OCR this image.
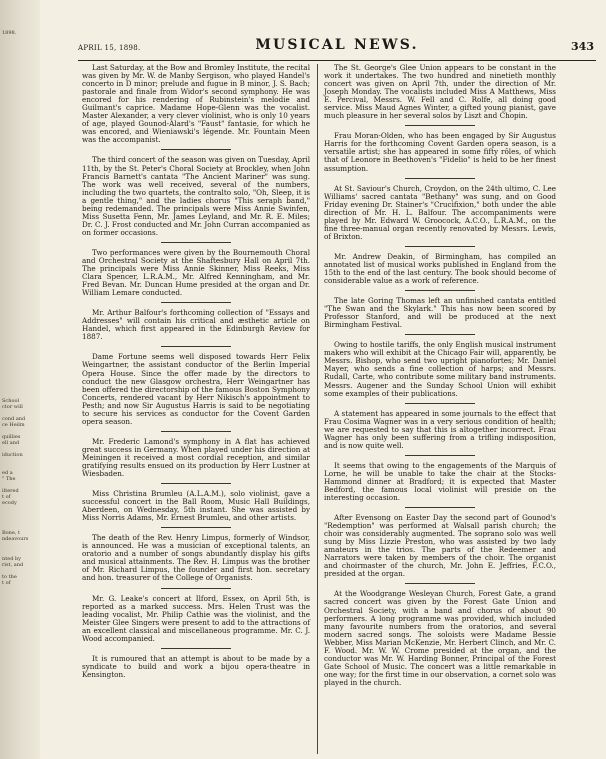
1898.
School
ctor will
cond and
ce Heilm
quillies
ell and
iduction
ed a
" The
iltered
t of
ecody
Bone, t
ndeavours
nted by
rist, and
to the
t of
APRIL 15, 1898.	MUSICAL NEWS.	343

Last Saturday, at the Bow and Bromley Institute, the recital was given by Mr. W. de Manby Sergison, who played Handel's concerto in D minor; prelude and fugue in B minor, J. S. Bach; pastorale and finale from Widor's second symphony. He was encored for his rendering of Rubinstein's melodie and Guilmant's caprice. Madame Hope-Glenn was the vocalist. Master Alexander, a very clever violinist, who is only 10 years of age, played Gounod-Alard's "Faust" fantasie, for which he was encored, and Wieniawski's légende. Mr. Fountain Meen was the accompanist.

The third concert of the season was given on Tuesday, April 11th, by the St. Peter's Choral Society at Brockley, when John Francis Barnett's cantata "The Ancient Mariner" was sung. The work was well received, several of the numbers, including the two quartets, the contralto solo, "Oh, Sleep, it is a gentle thing," and the ladies chorus "This seraph band," being redemanded. The principals were Miss Annie Swinfen, Miss Susetta Fenn, Mr. James Leyland, and Mr. R. E. Miles; Dr. C. J. Frost conducted and Mr. John Curran accompanied as on former occasions.

Two performances were given by the Bournemouth Choral and Orchestral Society at the Shaftesbury Hall on April 7th. The principals were Miss Annie Skinner, Miss Reeks, Miss Clara Spencer, L.R.A.M., Mr. Alfred Kenningham, and Mr. Fred Bevan. Mr. Duncan Hume presided at the organ and Dr. William Lemare conducted.

Mr. Arthur Balfour's forthcoming collection of "Essays and Addresses" will contain his critical and æsthetic article on Handel, which first appeared in the Edinburgh Review for 1887.

Dame Fortune seems well disposed towards Herr Felix Weingartner, the assistant conductor of the Berlin Imperial Opera House. Since the offer made by the directors to conduct the new Glasgow orchestra, Herr Weingartner has been offered the directorship of the famous Boston Symphony Concerts, rendered vacant by Herr Nikisch's appointment to Pesth; and now Sir Augustus Harris is said to be negotiating to secure his services as conductor for the Covent Garden opera season.

Mr. Frederic Lamond's symphony in A flat has achieved great success in Germany. When played under his direction at Meiningen it received a most cordial reception, and similar gratifying results ensued on its production by Herr Lustner at Wiesbaden.

Miss Christina Brumleu (A.L.A.M.), solo violinist, gave a successful concert in the Ball Room, Music Hall Buildings, Aberdeen, on Wednesday, 5th instant. She was assisted by Miss Norris Adams, Mr. Ernest Brumleu, and other artists.

The death of the Rev. Henry Limpus, formerly of Windsor, is announced. He was a musician of exceptional talents, an oratorio and a number of songs abundantly display his gifts and musical attainments. The Rev. H. Limpus was the brother of Mr. Richard Limpus, the founder and first hon. secretary and hon. treasurer of the College of Organists.

Mr. G. Leake's concert at Ilford, Essex, on April 5th, is reported as a marked success. Mrs. Helen Trust was the leading vocalist, Mr. Philip Cathie was the violinist, and the Meister Glee Singers were present to add to the attractions of an excellent classical and miscellaneous programme. Mr. C. J. Wood accompanied.

It is rumoured that an attempt is about to be made by a syndicate to build and work a bijou opera-theatre in Kensington.

The St. George's Glee Union appears to be constant in the work it undertakes. The two hundred and ninetieth monthly concert was given on April 7th, under the direction of Mr. Joseph Monday. The vocalists included Miss A Matthews, Miss E. Percival, Messrs. W. Fell and C. Rolfe, all doing good service. Miss Maud Agnes Winter, a gifted young pianist, gave much pleasure in her several solos by Liszt and Chopin.

Frau Moran-Olden, who has been engaged by Sir Augustus Harris for the forthcoming Covent Garden opera season, is a versatile artist; she has appeared in some fifty rôles, of which that of Leonore in Beethoven's "Fidelio" is held to be her finest assumption.

At St. Saviour's Church, Croydon, on the 24th ultimo, C. Lee Williams' sacred cantata "Bethany" was sung, and on Good Friday evening Dr. Stainer's "Crucifixion," both under the able direction of Mr. H. L. Balfour. The accompaniments were played by Mr. Edward W. Groocock, A.C.O., L.R.A.M., on the fine three-manual organ recently renovated by Messrs. Lewis, of Brixton.

Mr. Andrew Deakin, of Birmingham, has compiled an annotated list of musical works published in England from the 15th to the end of the last century. The book should become of considerable value as a work of reference.

The late Goring Thomas left an unfinished cantata entitled "The Swan and the Skylark." This has now been scored by Professor Stanford, and will be produced at the next Birmingham Festival.

Owing to hostile tariffs, the only English musical instrument makers who will exhibit at the Chicago Fair will, apparently, be Messrs. Bishop, who send two upright pianofortes; Mr. Daniel Mayer, who sends a fine collection of harps; and Messrs. Rudall, Carte, who contribute some military band instruments. Messrs. Augener and the Sunday School Union will exhibit some examples of their publications.

A statement has appeared in some journals to the effect that Frau Cosima Wagner was in a very serious condition of health; we are requested to say that this is altogether incorrect. Frau Wagner has only been suffering from a trifling indisposition, and is now quite well.

It seems that owing to the engagements of the Marquis of Lorne, he will be unable to take the chair at the Stocks-Hammond dinner at Bradford; it is expected that Master Bedford, the famous local violinist will preside on the interesting occasion.

After Evensong on Easter Day the second part of Gounod's "Redemption" was performed at Walsall parish church; the choir was considerably augmented. The soprano solo was well sung by Miss Lizzie Preston, who was assisted by two lady amateurs in the trios. The parts of the Redeemer and Narrators were taken by members of the choir. The organist and choirmaster of the church, Mr. John E. Jeffries, F.C.O., presided at the organ.

At the Woodgrange Wesleyan Church, Forest Gate, a grand sacred concert was given by the Forest Gate Union and Orchestral Society, with a band and chorus of about 90 performers. A long programme was provided, which included many favourite numbers from the oratorios, and several modern sacred songs. The soloists were Madame Bessie Webber, Miss Marian McKenzie, Mr. Herbert Clinch, and Mr. C. F. Wood. Mr. W. W. Crome presided at the organ, and the conductor was Mr. W. Harding Bonner, Principal of the Forest Gate School of Music. The concert was a little remarkable in one way; for the first time in our observation, a cornet solo was played in the church.
